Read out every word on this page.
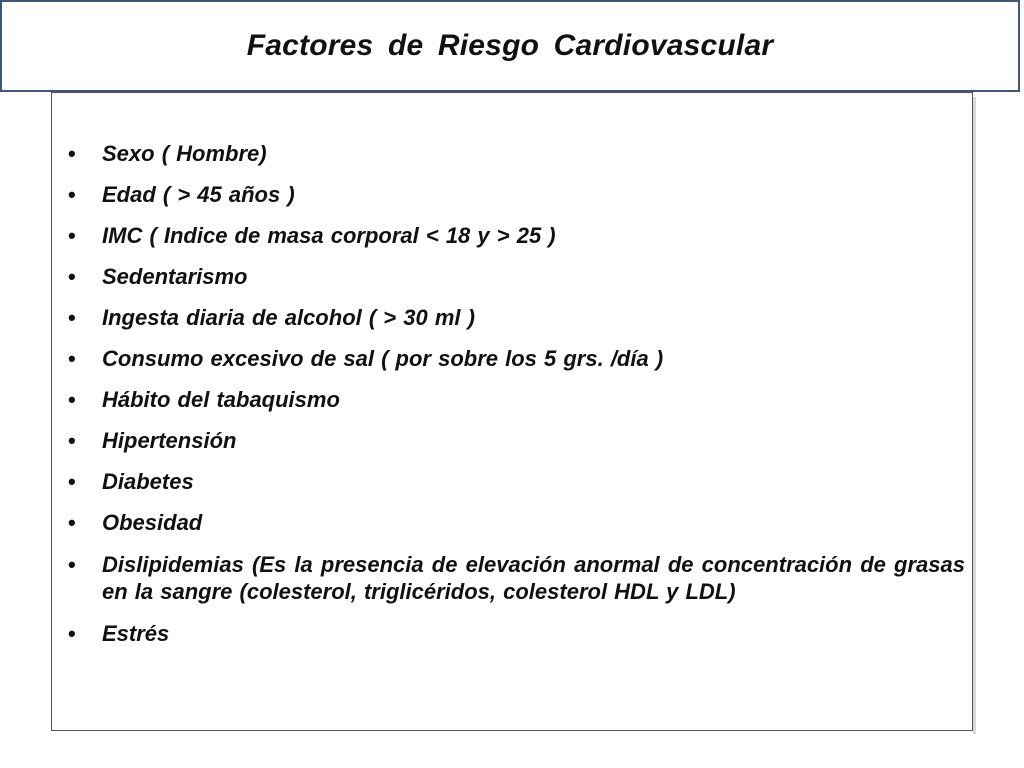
Factores de Riesgo Cardiovascular
• Sexo ( Hombre)
• Edad ( > 45 años )
• IMC ( Indice de masa corporal < 18 y > 25 )
• Sedentarismo
• Ingesta diaria de alcohol ( > 30 ml )
• Consumo excesivo de sal ( por sobre los 5 grs. /día )
• Hábito del tabaquismo
• Hipertensión
• Diabetes
• Obesidad
• Dislipidemias (Es la presencia de elevación anormal de concentración de grasas en la sangre (colesterol, triglicéridos, colesterol HDL y LDL)
• Estrés
